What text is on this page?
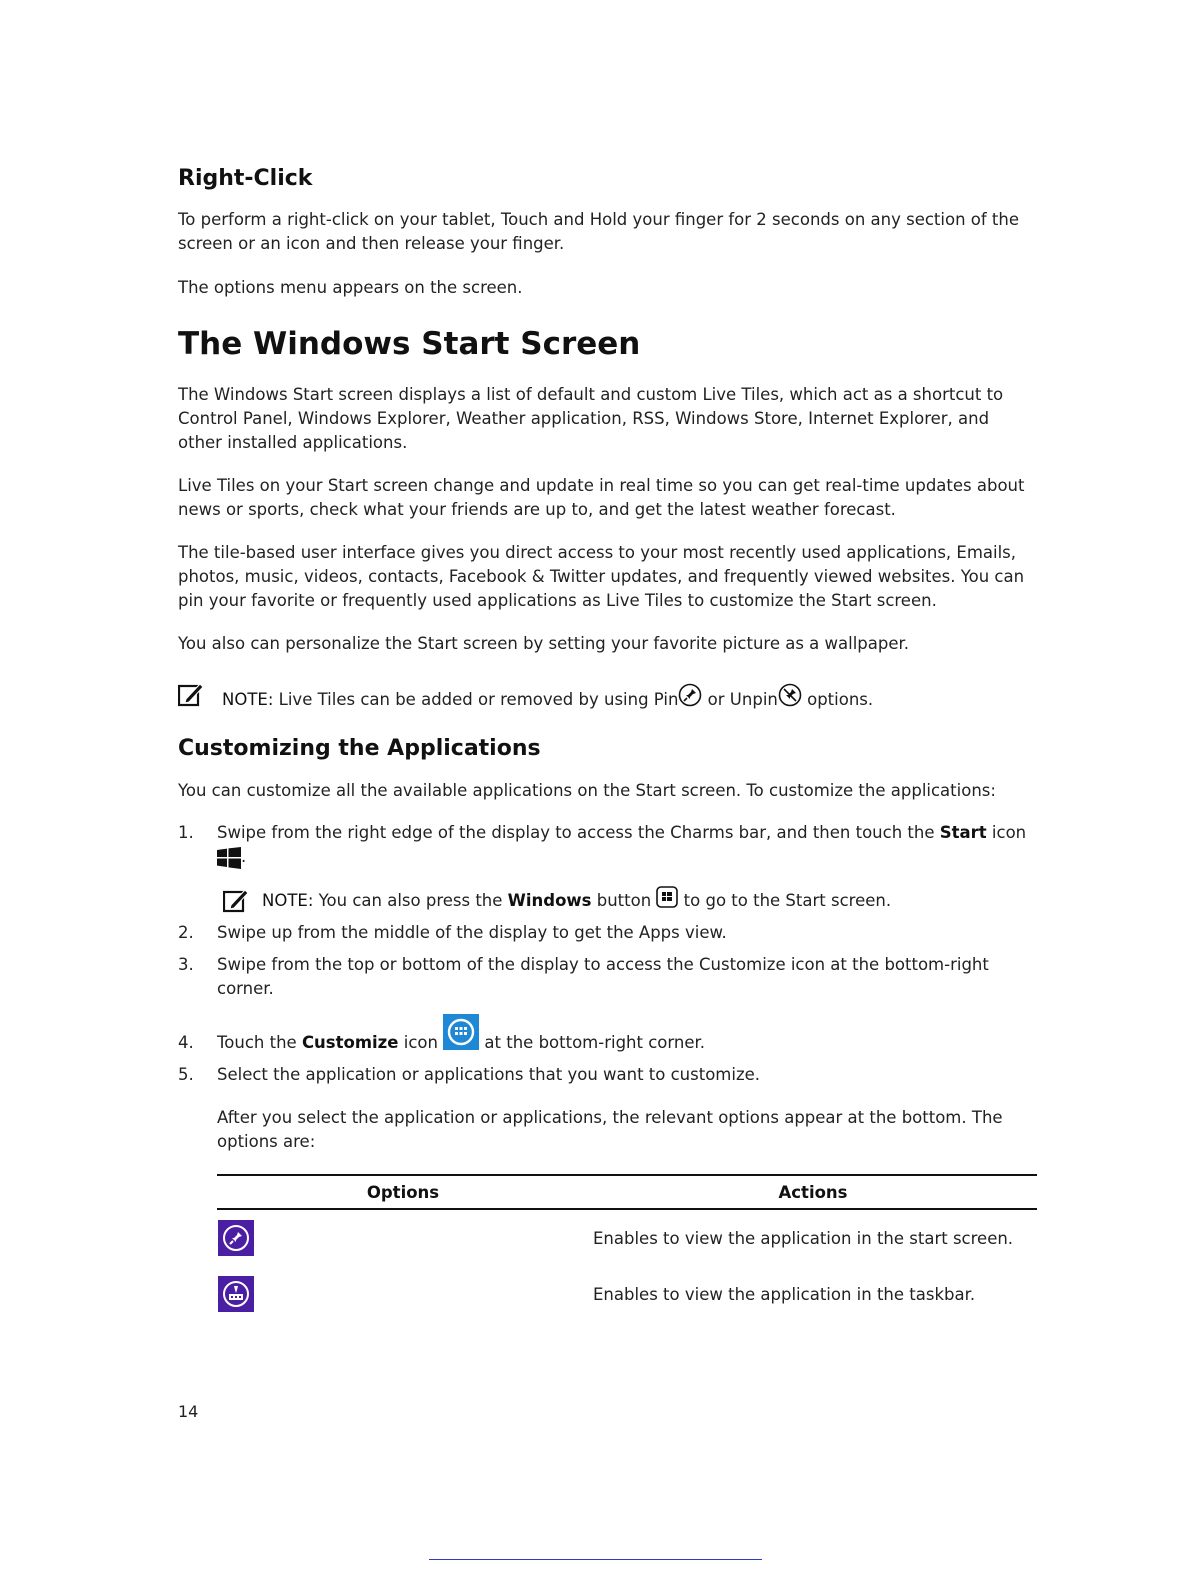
Right-Click

To perform a right-click on your tablet, Touch and Hold your finger for 2 seconds on any section of the screen or an icon and then release your finger.

The options menu appears on the screen.

The Windows Start Screen

The Windows Start screen displays a list of default and custom Live Tiles, which act as a shortcut to Control Panel, Windows Explorer, Weather application, RSS, Windows Store, Internet Explorer, and other installed applications.

Live Tiles on your Start screen change and update in real time so you can get real-time updates about news or sports, check what your friends are up to, and get the latest weather forecast.

The tile-based user interface gives you direct access to your most recently used applications, Emails, photos, music, videos, contacts, Facebook & Twitter updates, and frequently viewed websites. You can pin your favorite or frequently used applications as Live Tiles to customize the Start screen.

You also can personalize the Start screen by setting your favorite picture as a wallpaper.

NOTE: Live Tiles can be added or removed by using Pin or Unpin options.
Customizing the Applications

You can customize all the available applications on the Start screen. To customize the applications:

1. Swipe from the right edge of the display to access the Charms bar, and then touch the Start icon
.

NOTE: You can also press the Windows button  to go to the Start screen.
2. Swipe up from the middle of the display to get the Apps view.

3. Swipe from the top or bottom of the display to access the Customize icon at the bottom-right corner.

4. Touch the Customize icon  at the bottom-right corner.

5. Select the application or applications that you want to customize.

After you select the application or applications, the relevant options appear at the bottom. The options are:

Options	Actions

	Enables to view the application in the start screen.

	Enables to view the application in the taskbar.
14
